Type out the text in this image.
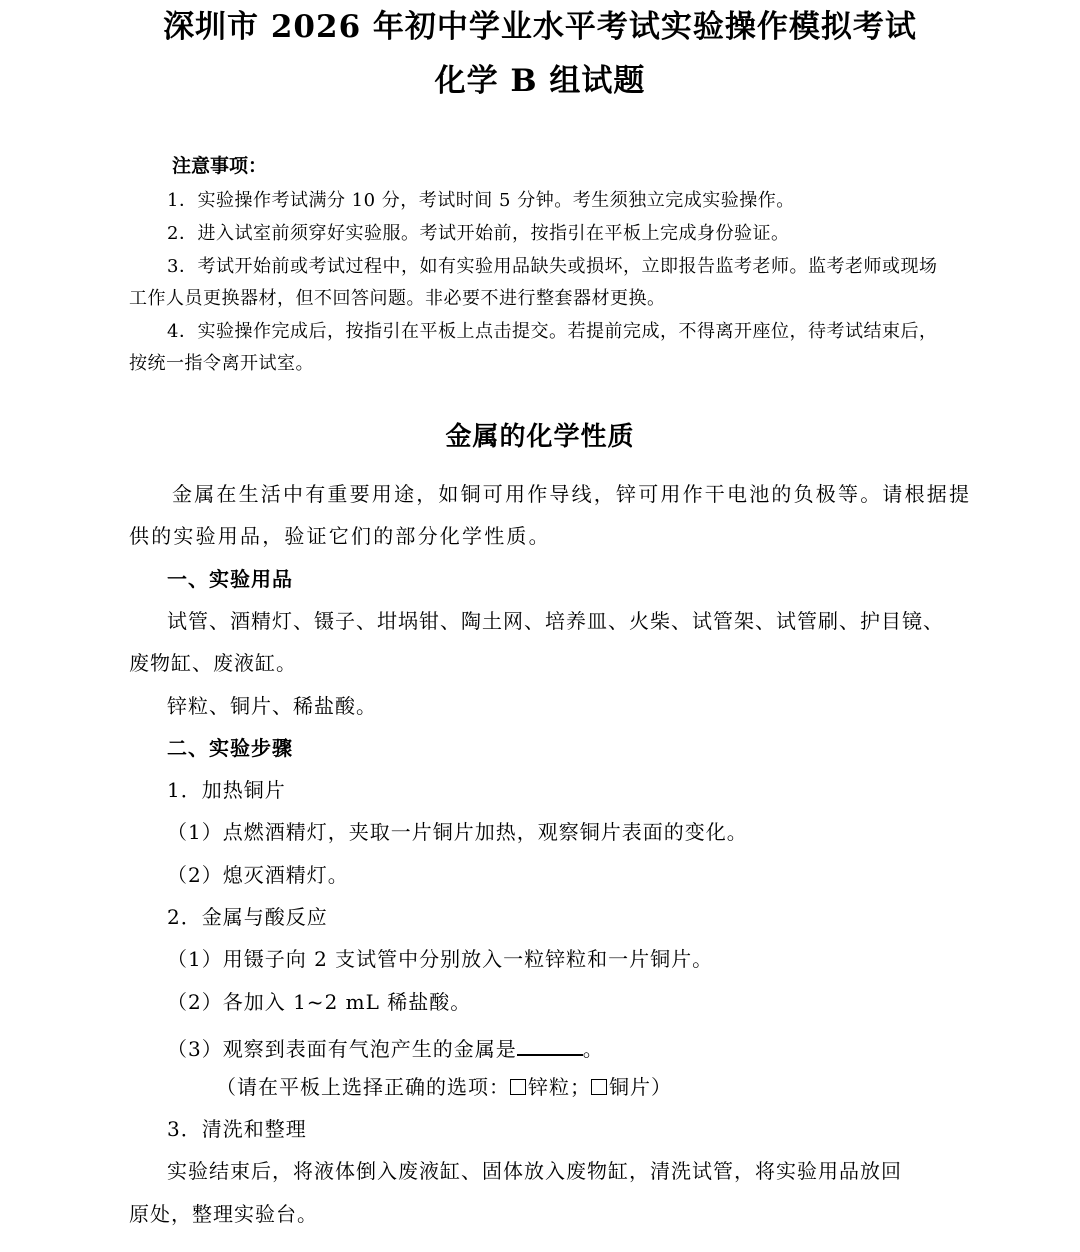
深圳市 2026 年初中学业水平考试实验操作模拟考试
化学 B 组试题
注意事项：
1．实验操作考试满分 10 分，考试时间 5 分钟。考生须独立完成实验操作。
2．进入试室前须穿好实验服。考试开始前，按指引在平板上完成身份验证。
3．考试开始前或考试过程中，如有实验用品缺失或损坏，立即报告监考老师。监考老师或现场
工作人员更换器材，但不回答问题。非必要不进行整套器材更换。
4．实验操作完成后，按指引在平板上点击提交。若提前完成，不得离开座位，待考试结束后，
按统一指令离开试室。
金属的化学性质
金属在生活中有重要用途，如铜可用作导线，锌可用作干电池的负极等。请根据提
供的实验用品，验证它们的部分化学性质。
一、实验用品
试管、酒精灯、镊子、坩埚钳、陶土网、培养皿、火柴、试管架、试管刷、护目镜、
废物缸、废液缸。
锌粒、铜片、稀盐酸。
二、实验步骤
1．加热铜片
（1）点燃酒精灯，夹取一片铜片加热，观察铜片表面的变化。
（2）熄灭酒精灯。
2．金属与酸反应
（1）用镊子向 2 支试管中分别放入一粒锌粒和一片铜片。
（2）各加入 1~2 mL 稀盐酸。
（3）观察到表面有气泡产生的金属是	。
（请在平板上选择正确的选项： 锌粒； 铜片）
3．清洗和整理
实验结束后，将液体倒入废液缸、固体放入废物缸，清洗试管，将实验用品放回
原处，整理实验台。
